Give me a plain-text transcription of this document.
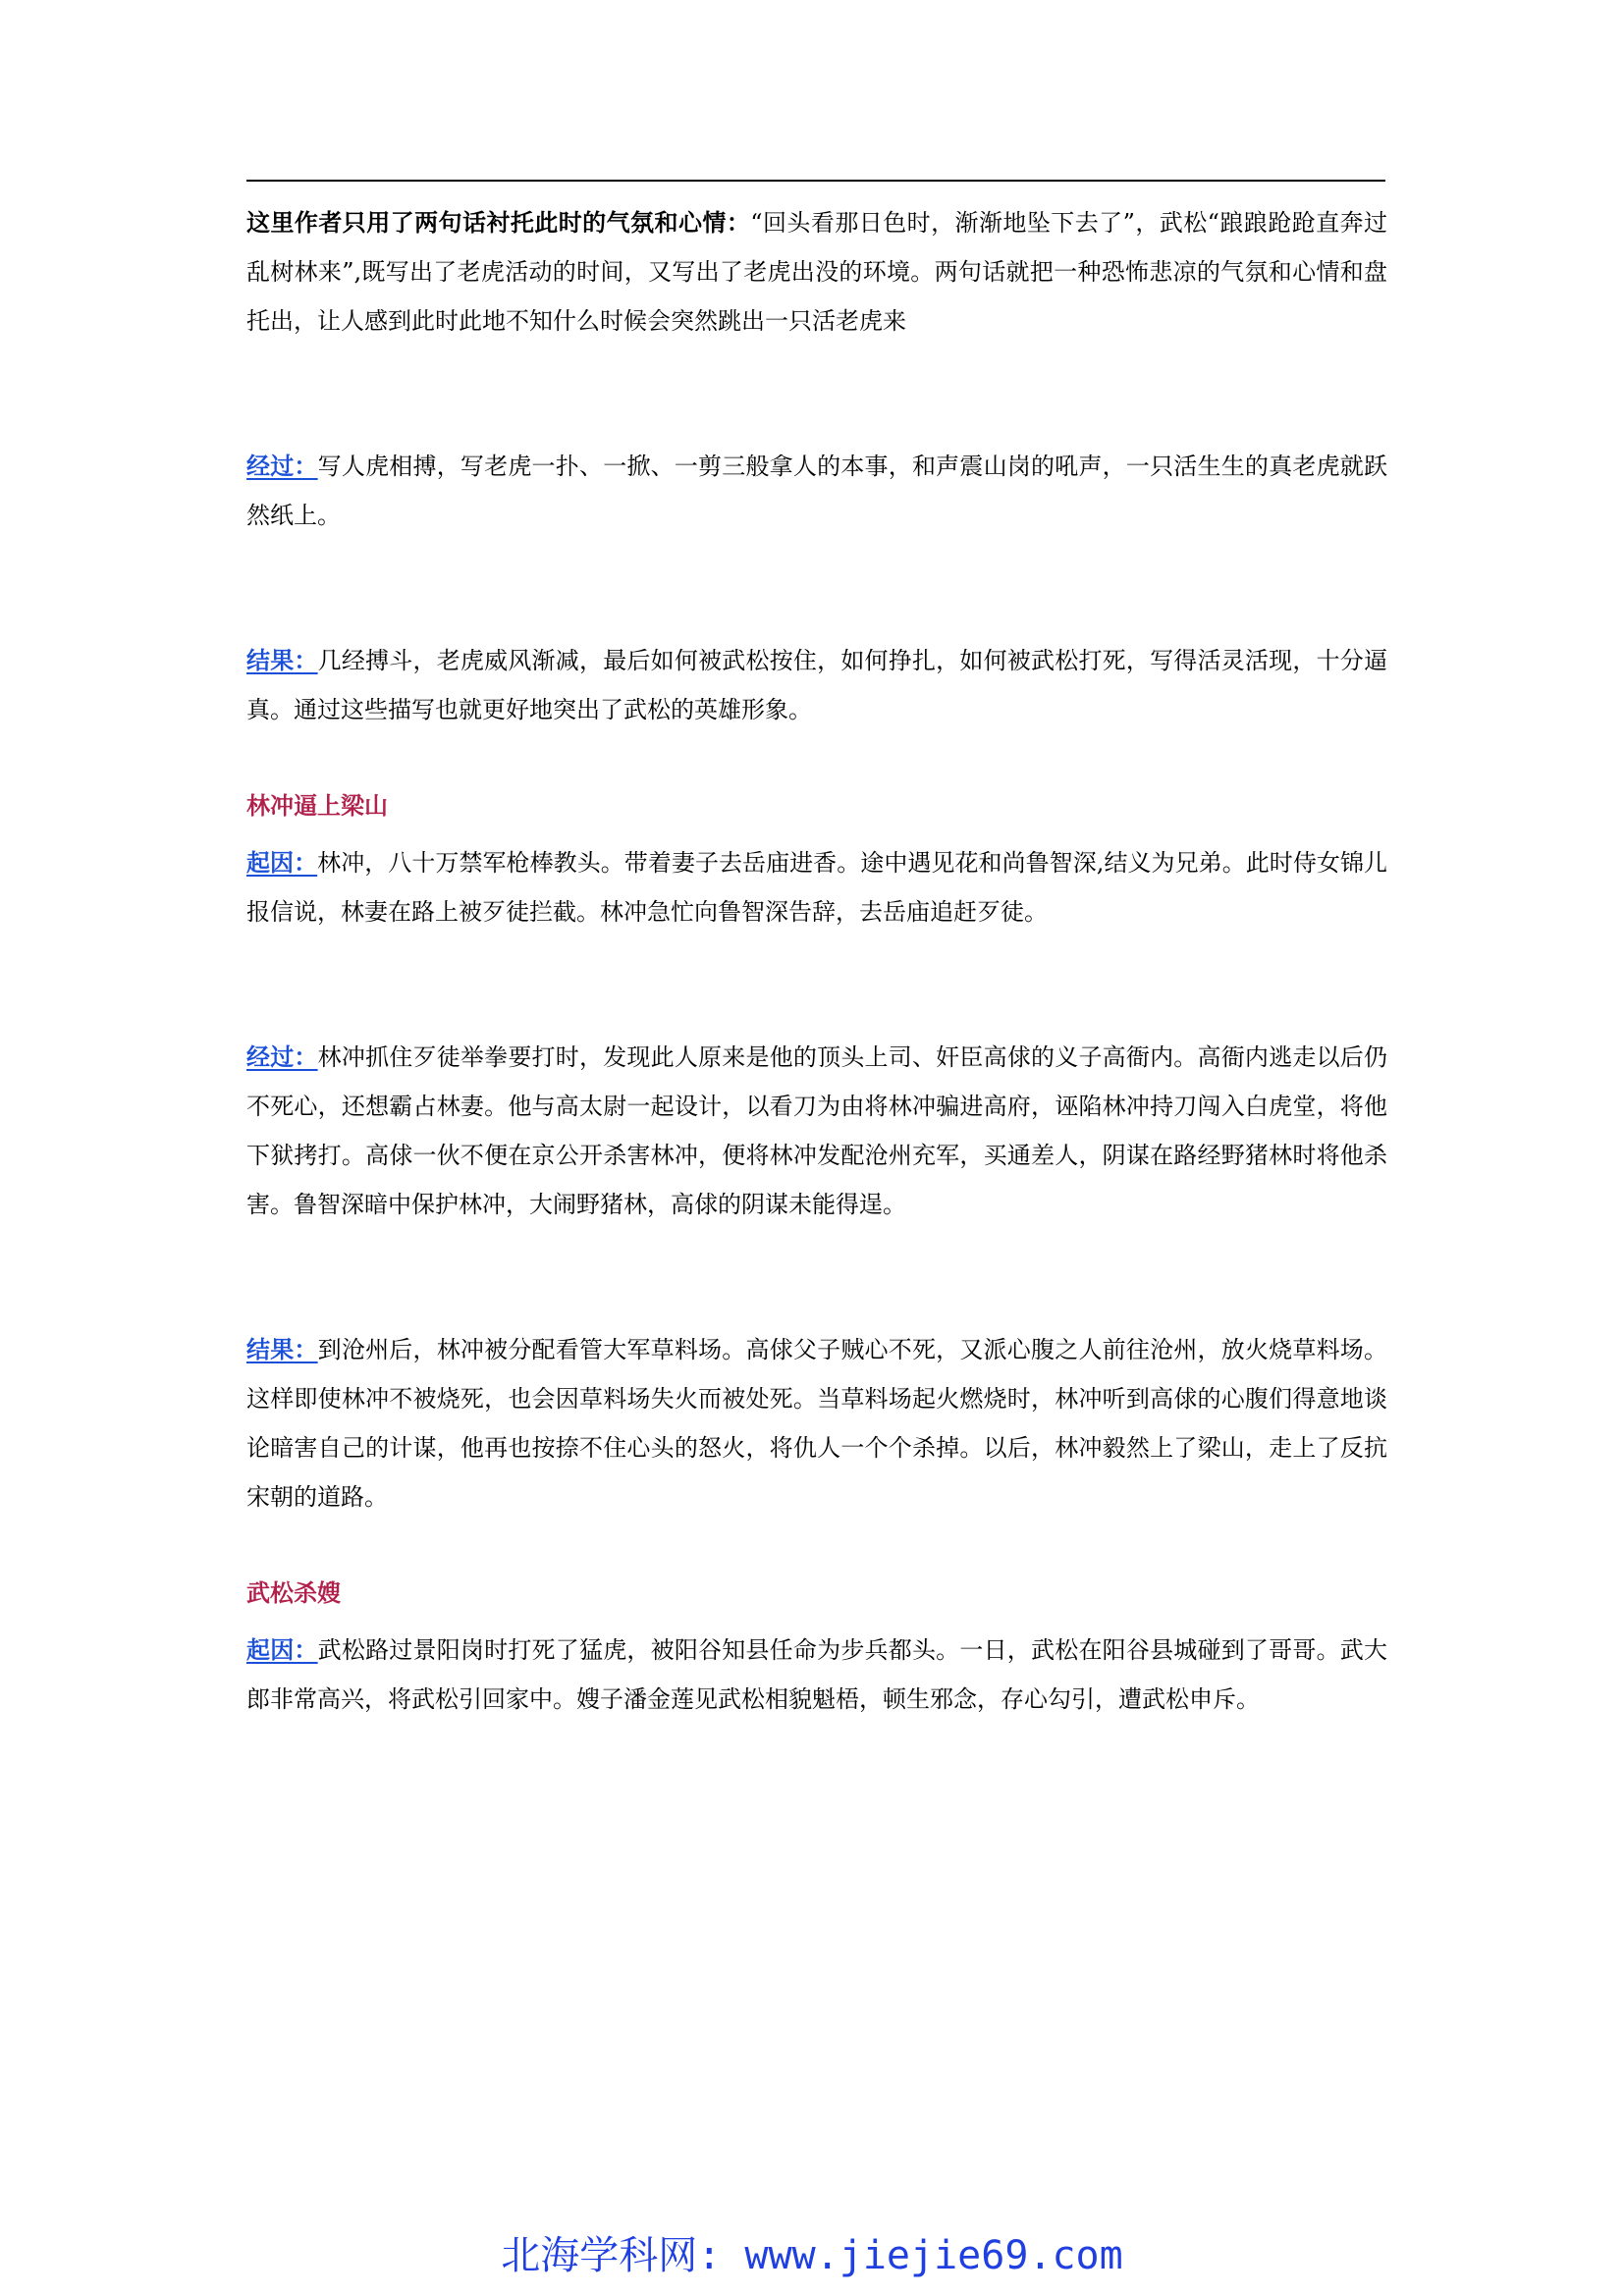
这里作者只用了两句话衬托此时的气氛和心情：“回头看那日色时，渐渐地坠下去了”，武松“踉踉跄跄直奔过乱树林来”,既写出了老虎活动的时间，又写出了老虎出没的环境。两句话就把一种恐怖悲凉的气氛和心情和盘托出，让人感到此时此地不知什么时候会突然跳出一只活老虎来

经过：写人虎相搏，写老虎一扑、一掀、一剪三般拿人的本事，和声震山岗的吼声，一只活生生的真老虎就跃然纸上。

结果：几经搏斗，老虎威风渐减，最后如何被武松按住，如何挣扎，如何被武松打死，写得活灵活现，十分逼真。通过这些描写也就更好地突出了武松的英雄形象。

林冲逼上梁山

起因：林冲，八十万禁军枪棒教头。带着妻子去岳庙进香。途中遇见花和尚鲁智深,结义为兄弟。此时侍女锦儿报信说，林妻在路上被歹徒拦截。林冲急忙向鲁智深告辞，去岳庙追赶歹徒。

经过：林冲抓住歹徒举拳要打时，发现此人原来是他的顶头上司、奸臣高俅的义子高衙内。高衙内逃走以后仍不死心，还想霸占林妻。他与高太尉一起设计，以看刀为由将林冲骗进高府，诬陷林冲持刀闯入白虎堂，将他下狱拷打。高俅一伙不便在京公开杀害林冲，便将林冲发配沧州充军，买通差人，阴谋在路经野猪林时将他杀害。鲁智深暗中保护林冲，大闹野猪林，高俅的阴谋未能得逞。

结果：到沧州后，林冲被分配看管大军草料场。高俅父子贼心不死，又派心腹之人前往沧州，放火烧草料场。这样即使林冲不被烧死，也会因草料场失火而被处死。当草料场起火燃烧时，林冲听到高俅的心腹们得意地谈论暗害自己的计谋，他再也按捺不住心头的怒火，将仇人一个个杀掉。以后，林冲毅然上了梁山，走上了反抗宋朝的道路。

武松杀嫂

起因：武松路过景阳岗时打死了猛虎，被阳谷知县任命为步兵都头。一日，武松在阳谷县城碰到了哥哥。武大郎非常高兴，将武松引回家中。嫂子潘金莲见武松相貌魁梧，顿生邪念，存心勾引，遭武松申斥。

北海学科网: www.jiejie69.com
